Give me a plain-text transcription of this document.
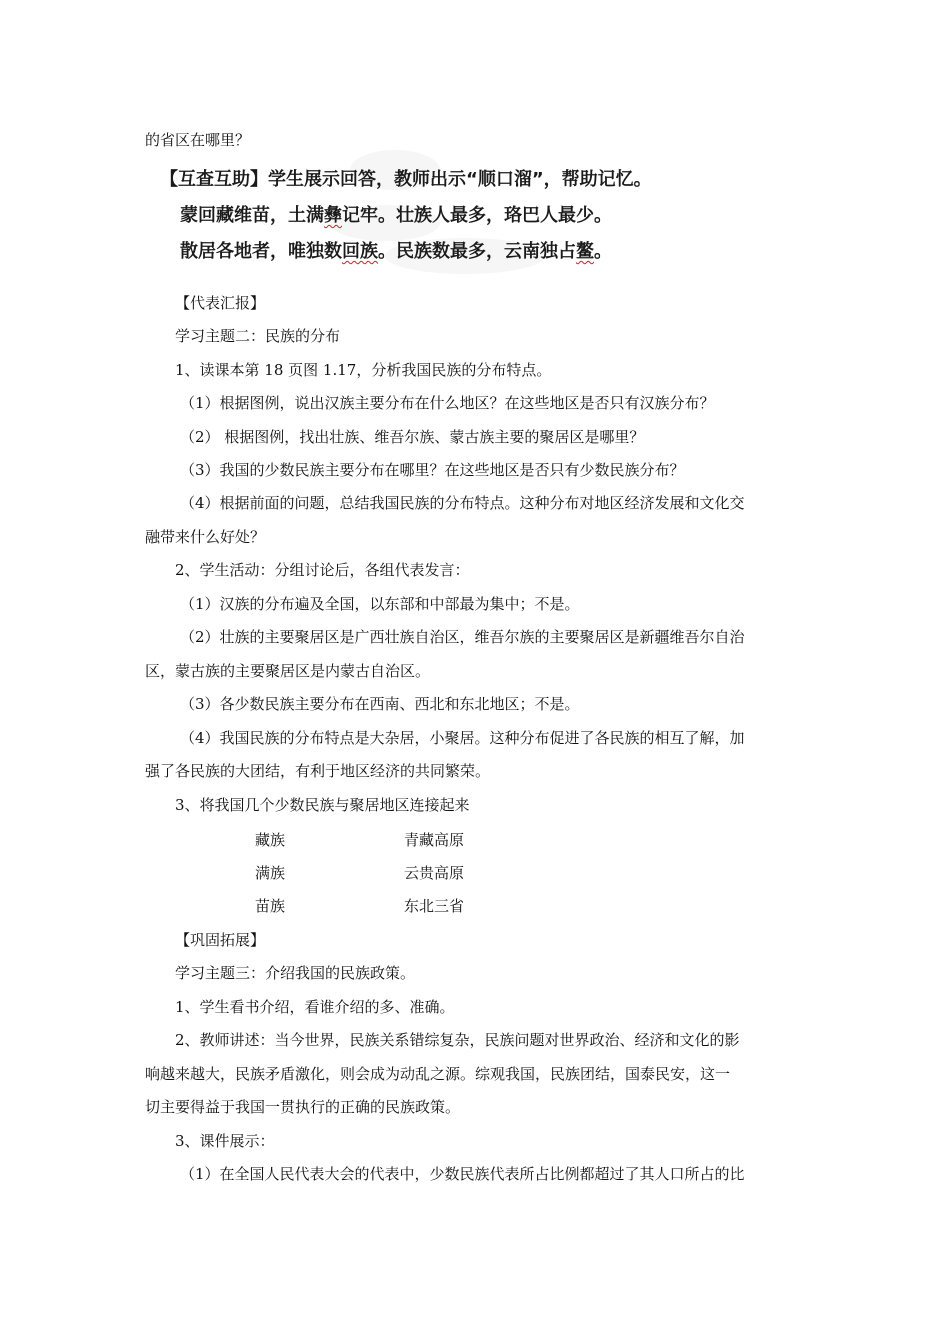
的省区在哪里？
【互查互助】学生展示回答，教师出示“顺口溜”，帮助记忆。
蒙回藏维苗，土满彝记牢。壮族人最多，珞巴人最少。
散居各地者，唯独数回族。民族数最多，云南独占鳌。
【代表汇报】
学习主题二：民族的分布
1、读课本第 18 页图 1.17，分析我国民族的分布特点。
（1）根据图例，说出汉族主要分布在什么地区？在这些地区是否只有汉族分布？
（2） 根据图例，找出壮族、维吾尔族、蒙古族主要的聚居区是哪里？
（3）我国的少数民族主要分布在哪里？在这些地区是否只有少数民族分布？
（4）根据前面的问题，总结我国民族的分布特点。这种分布对地区经济发展和文化交
融带来什么好处？
2、学生活动：分组讨论后，各组代表发言：
（1）汉族的分布遍及全国，以东部和中部最为集中；不是。
（2）壮族的主要聚居区是广西壮族自治区，维吾尔族的主要聚居区是新疆维吾尔自治
区，蒙古族的主要聚居区是内蒙古自治区。
（3）各少数民族主要分布在西南、西北和东北地区；不是。
（4）我国民族的分布特点是大杂居，小聚居。这种分布促进了各民族的相互了解，加
强了各民族的大团结，有利于地区经济的共同繁荣。
3、将我国几个少数民族与聚居地区连接起来
藏族	青藏高原
满族	云贵高原
苗族	东北三省
【巩固拓展】
学习主题三：介绍我国的民族政策。
1、学生看书介绍，看谁介绍的多、准确。
2、教师讲述：当今世界，民族关系错综复杂，民族问题对世界政治、经济和文化的影
响越来越大，民族矛盾激化，则会成为动乱之源。综观我国，民族团结，国泰民安，这一
切主要得益于我国一贯执行的正确的民族政策。
3、课件展示：
（1）在全国人民代表大会的代表中，少数民族代表所占比例都超过了其人口所占的比
